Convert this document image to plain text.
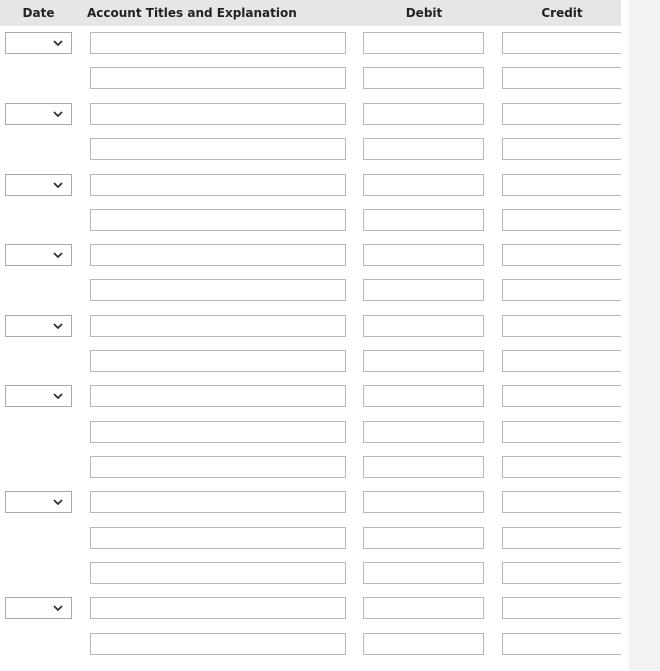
Date	Account Titles and Explanation	Debit	Credit
